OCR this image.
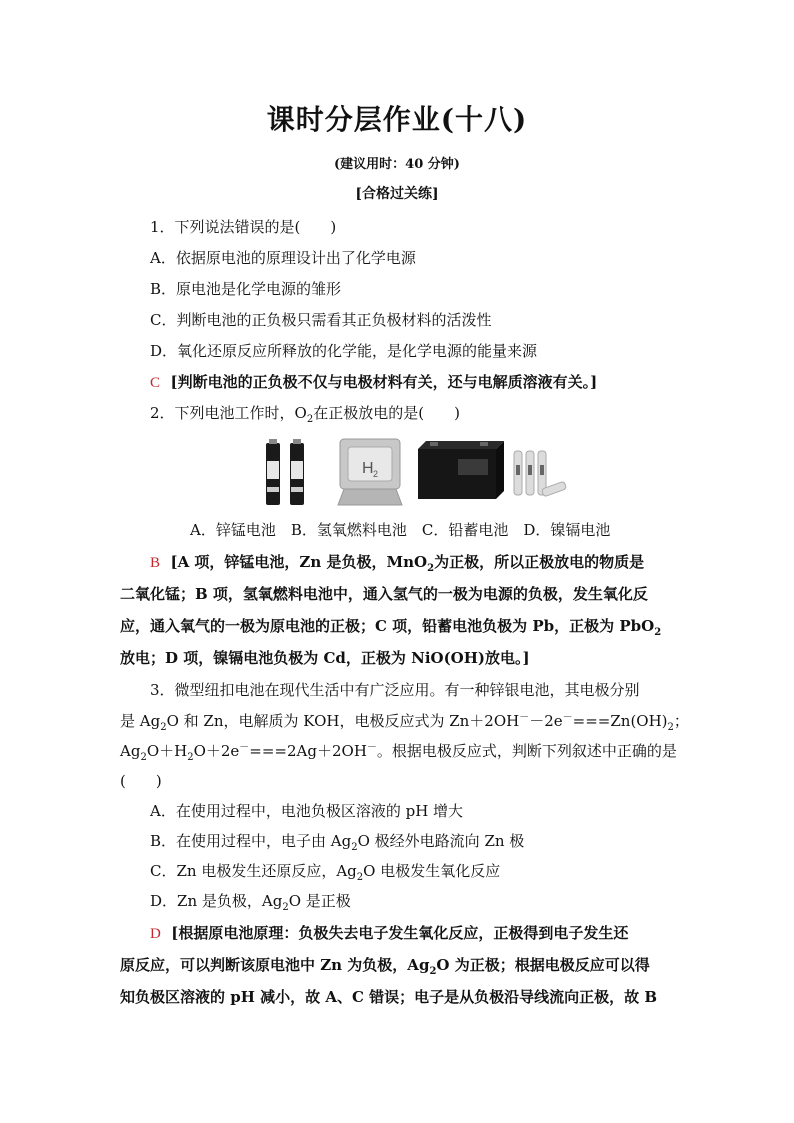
课时分层作业(十八)
(建议用时：40 分钟)
[合格过关练]
1．下列说法错误的是(　　)
A．依据原电池的原理设计出了化学电源
B．原电池是化学电源的雏形
C．判断电池的正负极只需看其正负极材料的活泼性
D．氧化还原反应所释放的化学能，是化学电源的能量来源
C [判断电池的正负极不仅与电极材料有关，还与电解质溶液有关。]
2．下列电池工作时，$O_2$在正极放电的是(　　)
H 2
A．锌锰电池　B．氢氧燃料电池　C．铅蓄电池　D．镍镉电池
B [A 项，锌锰电池，Zn 是负极，MnO$_2$为正极，所以正极放电的物质是
二氧化锰；B 项，氢氧燃料电池中，通入氢气的一极为电源的负极，发生氧化反
应，通入氧气的一极为原电池的正极；C 项，铅蓄电池负极为 Pb，正极为 PbO$_2$
放电；D 项，镍镉电池负极为 Cd，正极为 NiO(OH)放电。]
3．微型纽扣电池在现代生活中有广泛应用。有一种锌银电池，其电极分别
是 $Ag_2O$ 和 Zn，电解质为 KOH，电极反应式为 $Zn+2OH^--2e^-===Zn(OH)_2$；
$Ag_2O+H_2O+2e^-===2Ag+2OH^-$。根据电极反应式，判断下列叙述中正确的是
(　　)
A．在使用过程中，电池负极区溶液的 pH 增大
B．在使用过程中，电子由 $Ag_2O$ 极经外电路流向 Zn 极
C．Zn 电极发生还原反应，$Ag_2O$ 电极发生氧化反应
D．Zn 是负极，$Ag_2O$ 是正极
D [根据原电池原理：负极失去电子发生氧化反应，正极得到电子发生还
原反应，可以判断该原电池中 Zn 为负极，$Ag_2O$ 为正极；根据电极反应可以得
知负极区溶液的 pH 减小，故 A、C 错误；电子是从负极沿导线流向正极，故 B
